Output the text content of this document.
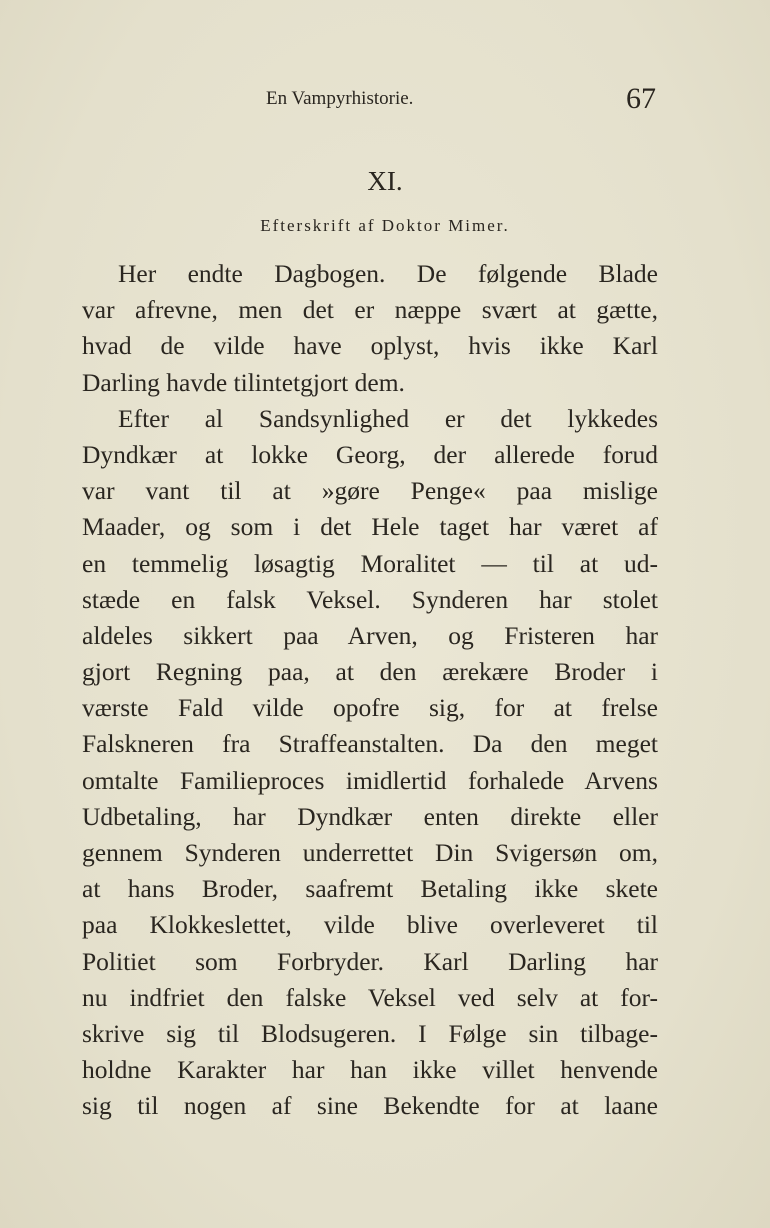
En Vampyrhistorie.	67
XI.
Efterskrift af Doktor Mimer.
Her endte Dagbogen. De følgende Blade
var afrevne, men det er næppe svært at gætte,
hvad de vilde have oplyst, hvis ikke Karl
Darling havde tilintetgjort dem.
Efter al Sandsynlighed er det lykkedes
Dyndkær at lokke Georg, der allerede forud
var vant til at »gøre Penge« paa mislige
Maader, og som i det Hele taget har været af
en temmelig løsagtig Moralitet — til at ud-
stæde en falsk Veksel. Synderen har stolet
aldeles sikkert paa Arven, og Fristeren har
gjort Regning paa, at den ærekære Broder i
værste Fald vilde opofre sig, for at frelse
Falskneren fra Straffeanstalten. Da den meget
omtalte Familieproces imidlertid forhalede Arvens
Udbetaling, har Dyndkær enten direkte eller
gennem Synderen underrettet Din Svigersøn om,
at hans Broder, saafremt Betaling ikke skete
paa Klokkeslettet, vilde blive overleveret til
Politiet som Forbryder. Karl Darling har
nu indfriet den falske Veksel ved selv at for-
skrive sig til Blodsugeren. I Følge sin tilbage-
holdne Karakter har han ikke villet henvende
sig til nogen af sine Bekendte for at laane
